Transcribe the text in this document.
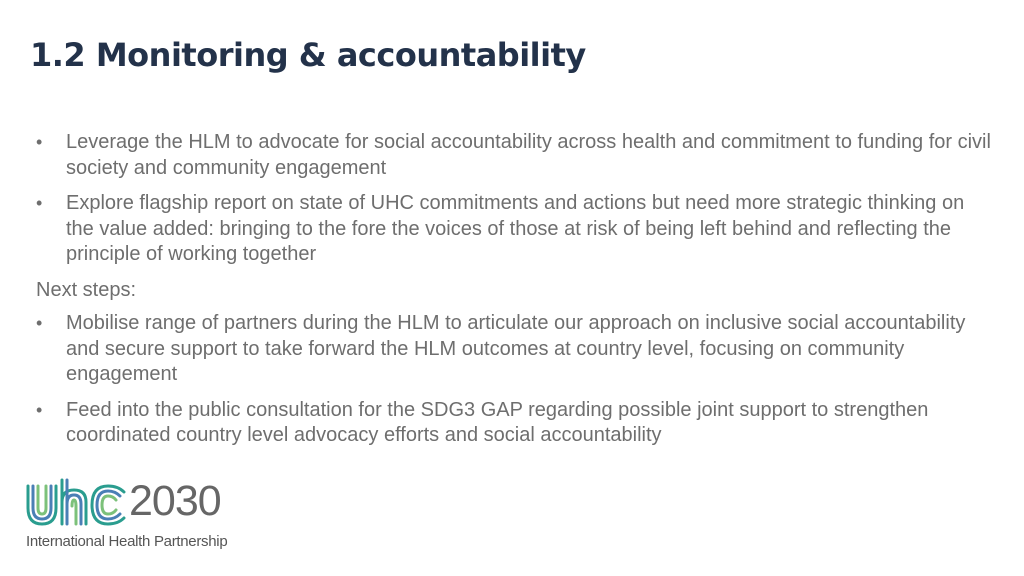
1.2 Monitoring & accountability
• Leverage the HLM to advocate for social accountability across health and commitment to funding for civil society and community engagement
• Explore flagship report on state of UHC commitments and actions but need more strategic thinking on the value added: bringing to the fore the voices of those at risk of being left behind and reflecting the principle of working together
Next steps:
• Mobilise range of partners during the HLM to articulate our approach on inclusive social accountability and secure support to take forward the HLM outcomes at country level, focusing on community engagement
• Feed into the public consultation for the SDG3 GAP regarding possible joint support to strengthen coordinated country level advocacy efforts and social accountability
2030
International Health Partnership
